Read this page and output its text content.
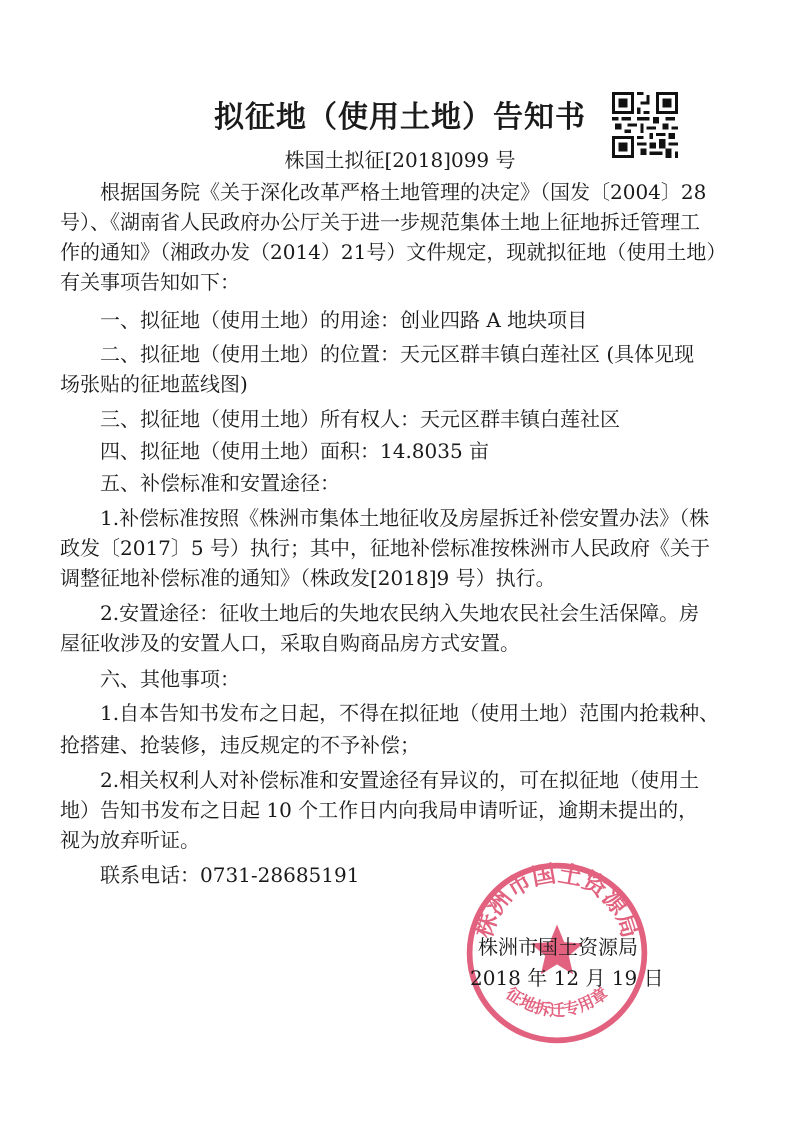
拟征地（使用土地）告知书
株国土拟征[2018]099 号
根据国务院《关于深化改革严格土地管理的决定》（国发〔2004〕28
号）、《湖南省人民政府办公厅关于进一步规范集体土地上征地拆迁管理工
作的通知》（湘政办发（2014）21号）文件规定，现就拟征地（使用土地）
有关事项告知如下：
一、拟征地（使用土地）的用途：创业四路 A 地块项目
二、拟征地（使用土地）的位置：天元区群丰镇白莲社区 (具体见现
场张贴的征地蓝线图)
三、拟征地（使用土地）所有权人：天元区群丰镇白莲社区
四、拟征地（使用土地）面积：14.8035 亩
五、补偿标准和安置途径：
1.补偿标准按照《株洲市集体土地征收及房屋拆迁补偿安置办法》（株
政发〔2017〕5 号）执行；其中，征地补偿标准按株洲市人民政府《关于
调整征地补偿标准的通知》（株政发[2018]9 号）执行。
2.安置途径：征收土地后的失地农民纳入失地农民社会生活保障。房
屋征收涉及的安置人口，采取自购商品房方式安置。
六、其他事项：
1.自本告知书发布之日起，不得在拟征地（使用土地）范围内抢栽种、
抢搭建、抢装修，违反规定的不予补偿；
2.相关权利人对补偿标准和安置途径有异议的，可在拟征地（使用土
地）告知书发布之日起 10 个工作日内向我局申请听证，逾期未提出的，
视为放弃听证。
联系电话：0731-28685191
株洲市国土资源局
征地拆迁专用章
株洲市国土资源局
2018 年 12 月 19 日
